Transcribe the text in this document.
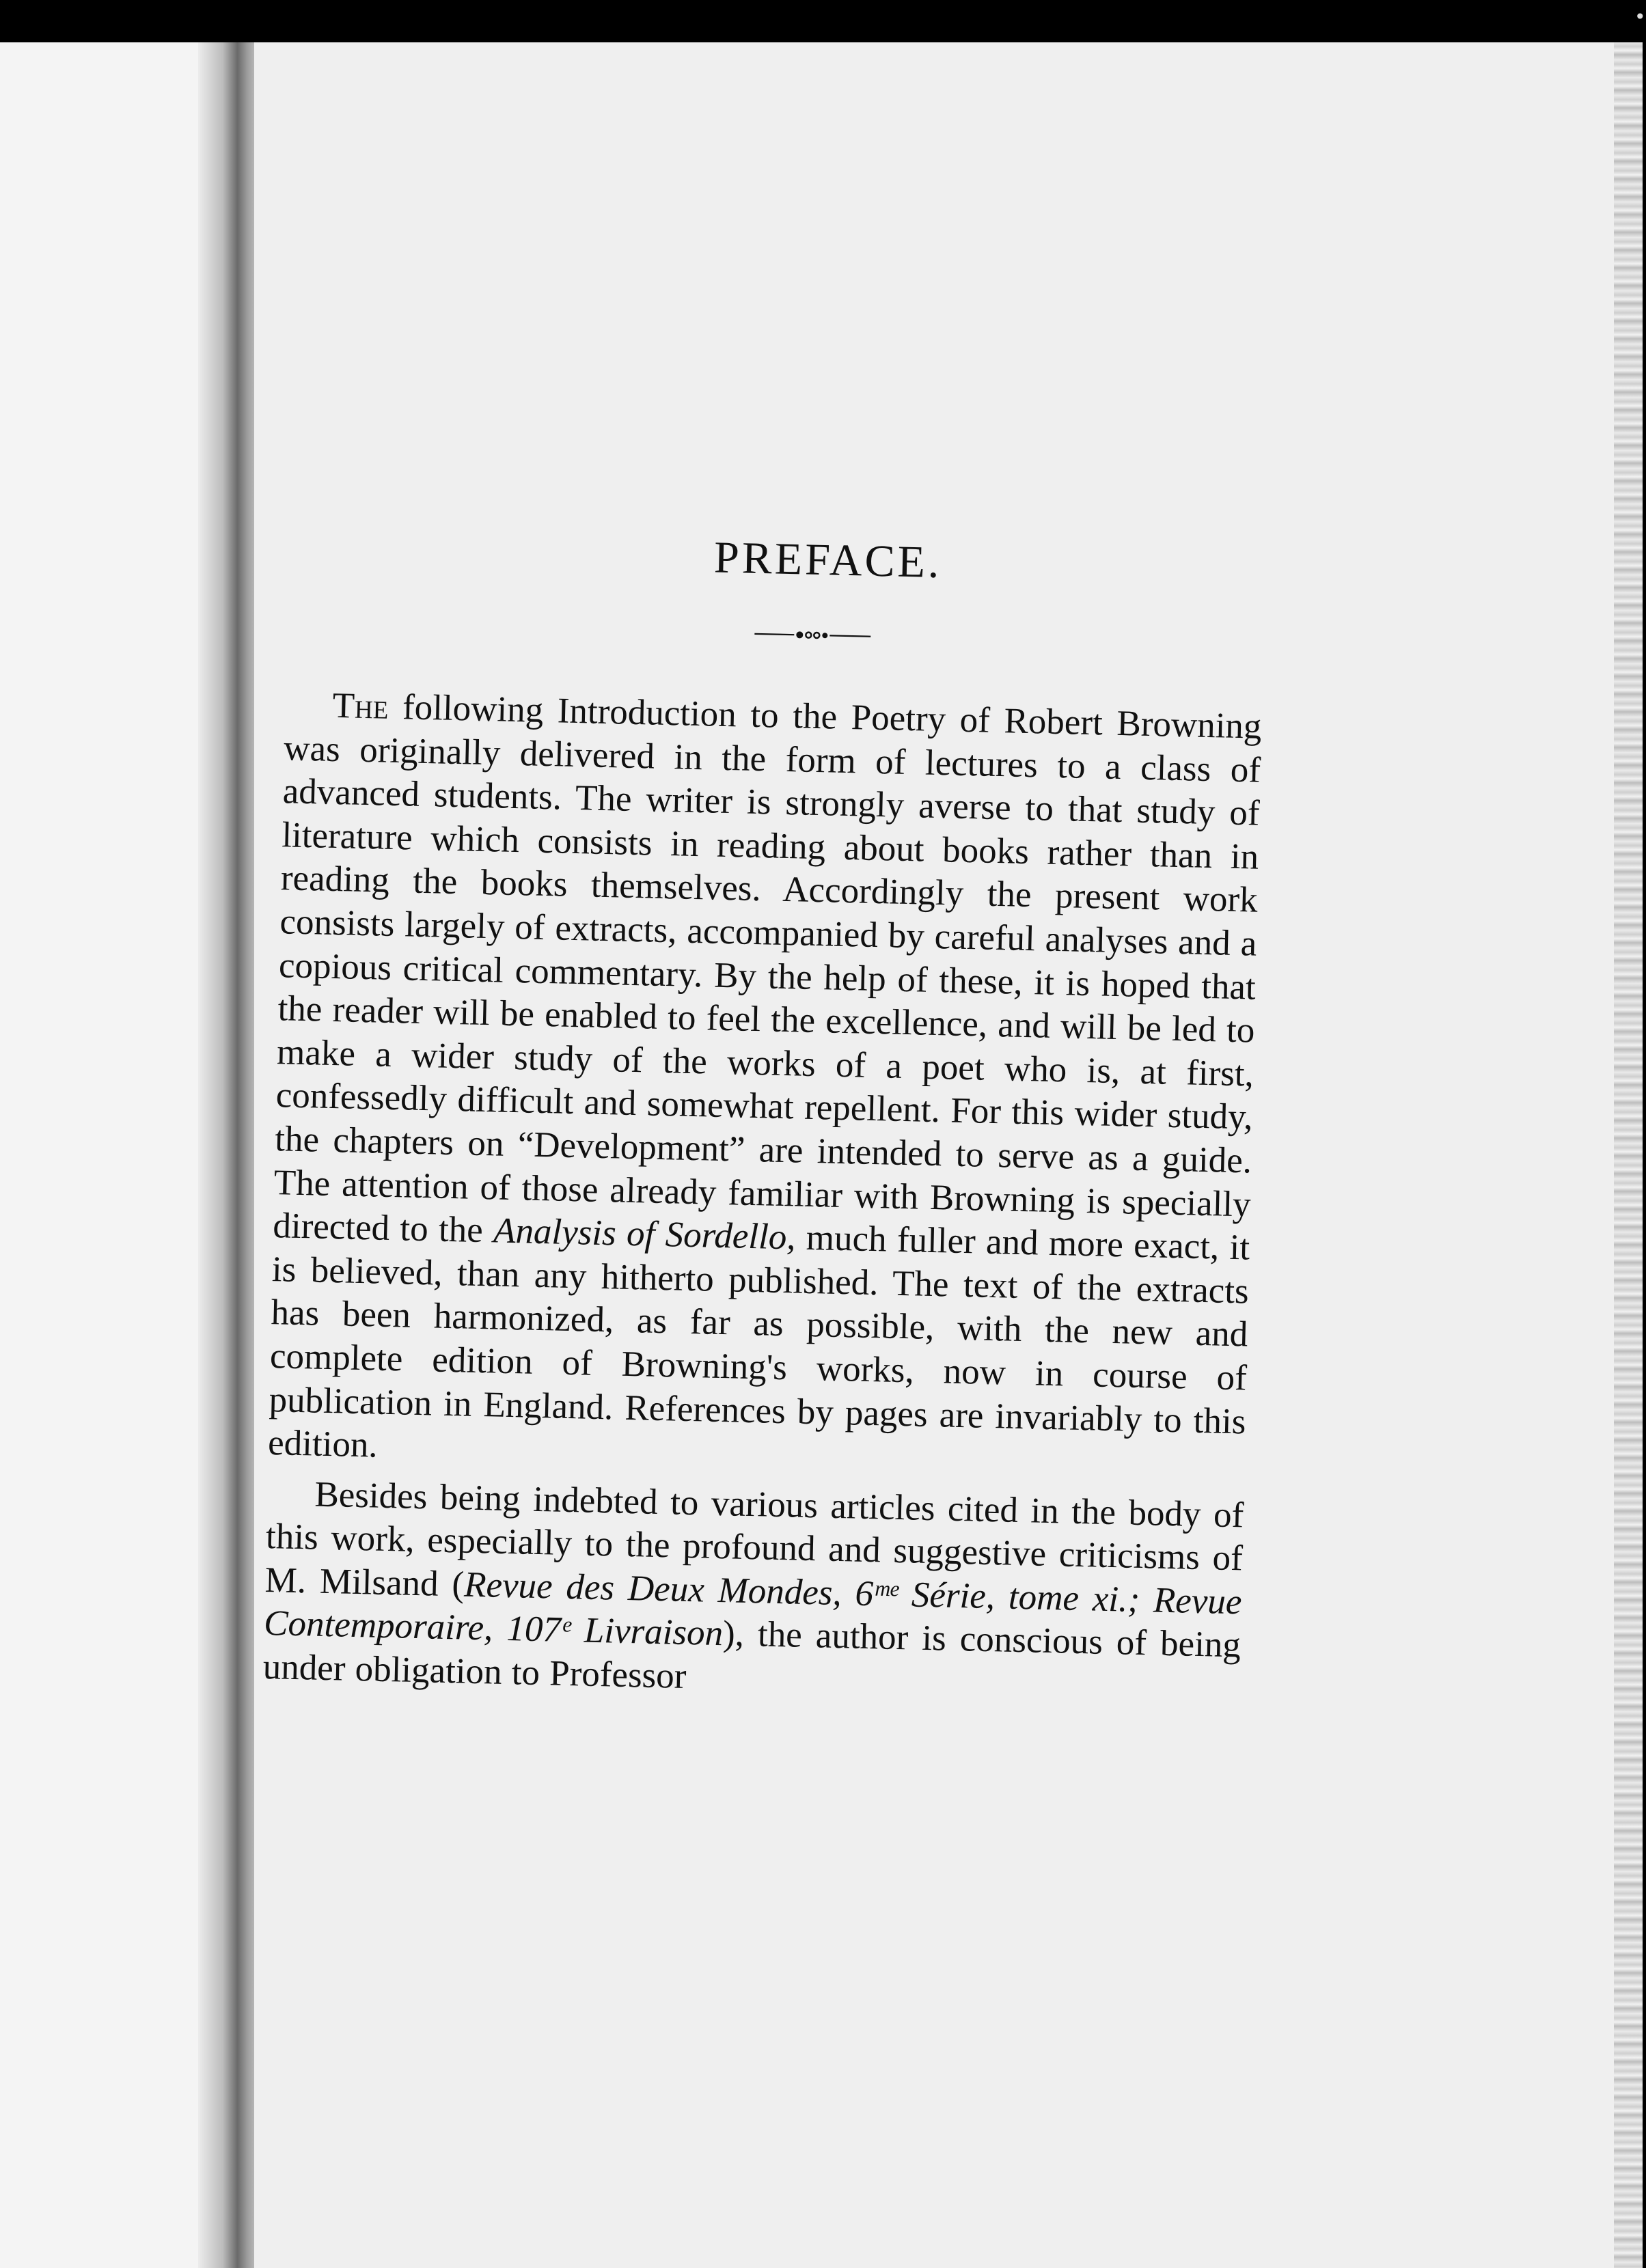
•
PREFACE.

The following Introduction to the Poetry of Robert Browning was originally delivered in the form of lectures to a class of advanced students. The writer is strongly averse to that study of literature which consists in reading about books rather than in reading the books themselves. Accordingly the present work consists largely of extracts, accompanied by careful analyses and a copious critical commentary. By the help of these, it is hoped that the reader will be enabled to feel the excellence, and will be led to make a wider study of the works of a poet who is, at first, confessedly difficult and somewhat repellent. For this wider study, the chapters on “Development” are intended to serve as a guide. The attention of those already familiar with Browning is specially directed to the Analysis of Sordello, much fuller and more exact, it is believed, than any hitherto published. The text of the extracts has been harmonized, as far as possible, with the new and complete edition of Browning's works, now in course of publication in England. References by pages are invariably to this edition.

Besides being indebted to various articles cited in the body of this work, especially to the profound and suggestive criticisms of M. Milsand (Revue des Deux Mondes, 6ᵐᵉ Série, tome xi.; Revue Contemporaire, 107ᵉ Livraison), the author is conscious of being under obligation to Professor
